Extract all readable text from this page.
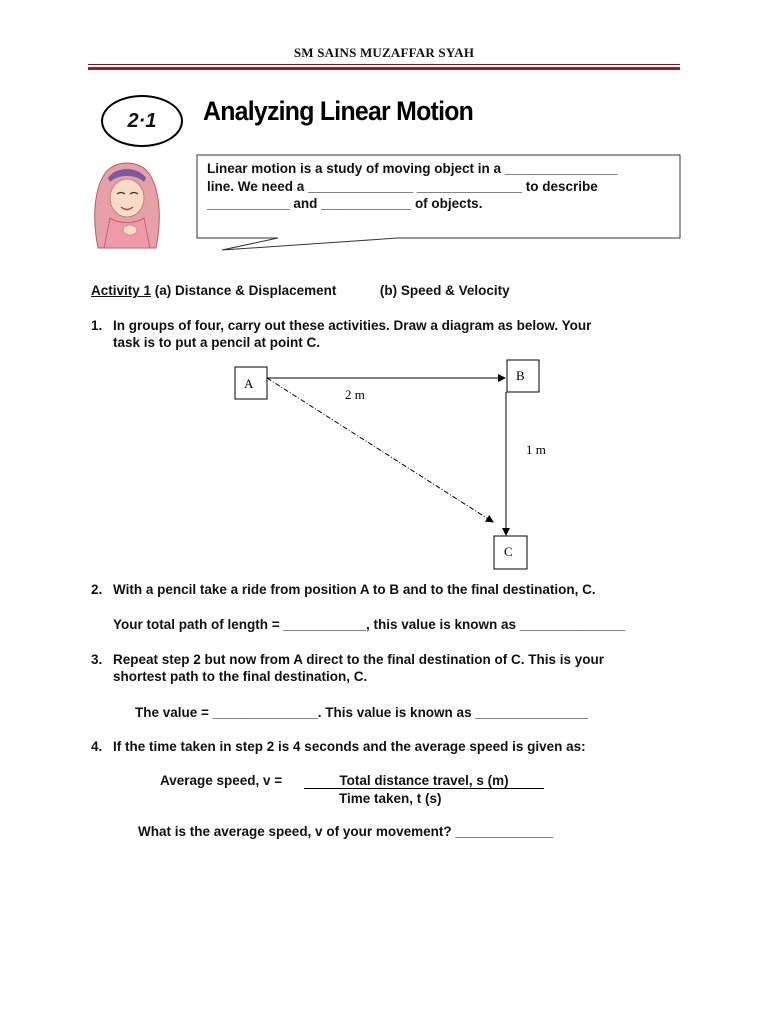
SM SAINS MUZAFFAR SYAH
2·1	Analyzing Linear Motion
Linear motion is a study of moving object in a _______________
line. We need a ______________ ______________ to describe
___________ and ____________ of objects.
Activity 1 (a) Distance & Displacement	(b) Speed & Velocity
1. In groups of four, carry out these activities. Draw a diagram as below. Your
task is to put a pencil at point C.
A
B
C
2 m
1 m
2. With a pencil take a ride from position A to B and to the final destination, C.
Your total path of length = ___________, this value is known as ______________
3. Repeat step 2 but now from A direct to the final destination of C. This is your
shortest path to the final destination, C.
The value = ______________. This value is known as _______________
4. If the time taken in step 2 is 4 seconds and the average speed is given as:
Average speed, v =	Total distance travel, s (m)
Time taken, t (s)
What is the average speed, v of your movement? _____________
